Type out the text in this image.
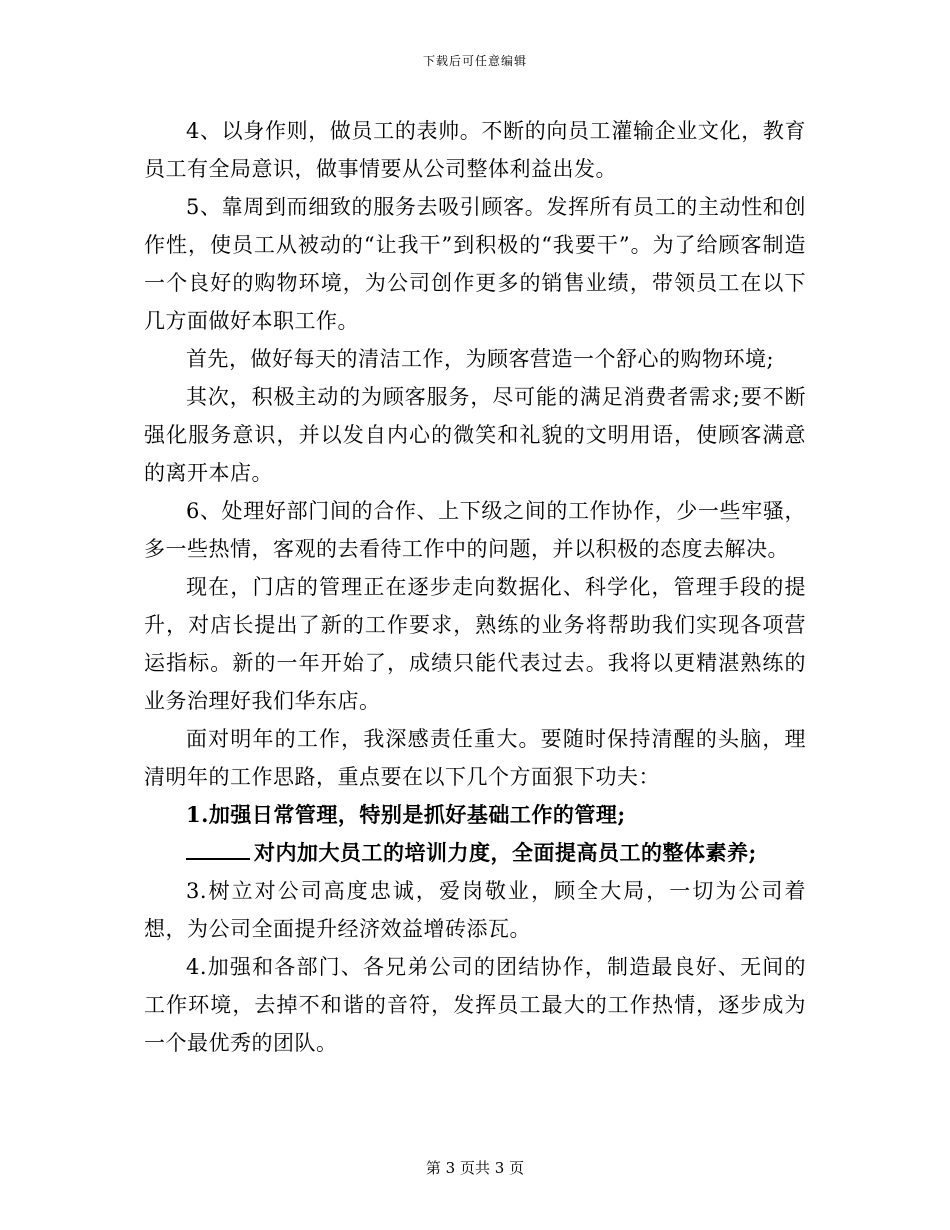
下载后可任意编辑

4、以身作则，做员工的表帅。不断的向员工灌输企业文化，教育员工有全局意识，做事情要从公司整体利益出发。

5、靠周到而细致的服务去吸引顾客。发挥所有员工的主动性和创作性，使员工从被动的“让我干”到积极的“我要干”。为了给顾客制造一个良好的购物环境，为公司创作更多的销售业绩，带领员工在以下几方面做好本职工作。

首先，做好每天的清洁工作，为顾客营造一个舒心的购物环境;

其次，积极主动的为顾客服务，尽可能的满足消费者需求;要不断强化服务意识，并以发自内心的微笑和礼貌的文明用语，使顾客满意的离开本店。

6、处理好部门间的合作、上下级之间的工作协作，少一些牢骚，多一些热情，客观的去看待工作中的问题，并以积极的态度去解决。

现在，门店的管理正在逐步走向数据化、科学化，管理手段的提升，对店长提出了新的工作要求，熟练的业务将帮助我们实现各项营运指标。新的一年开始了，成绩只能代表过去。我将以更精湛熟练的业务治理好我们华东店。

面对明年的工作，我深感责任重大。要随时保持清醒的头脑，理清明年的工作思路，重点要在以下几个方面狠下功夫：

1.加强日常管理，特别是抓好基础工作的管理;

对内加大员工的培训力度，全面提高员工的整体素养;

3.树立对公司高度忠诚，爱岗敬业，顾全大局，一切为公司着想，为公司全面提升经济效益增砖添瓦。

4.加强和各部门、各兄弟公司的团结协作，制造最良好、无间的工作环境，去掉不和谐的音符，发挥员工最大的工作热情，逐步成为一个最优秀的团队。

第 3 页共 3 页
